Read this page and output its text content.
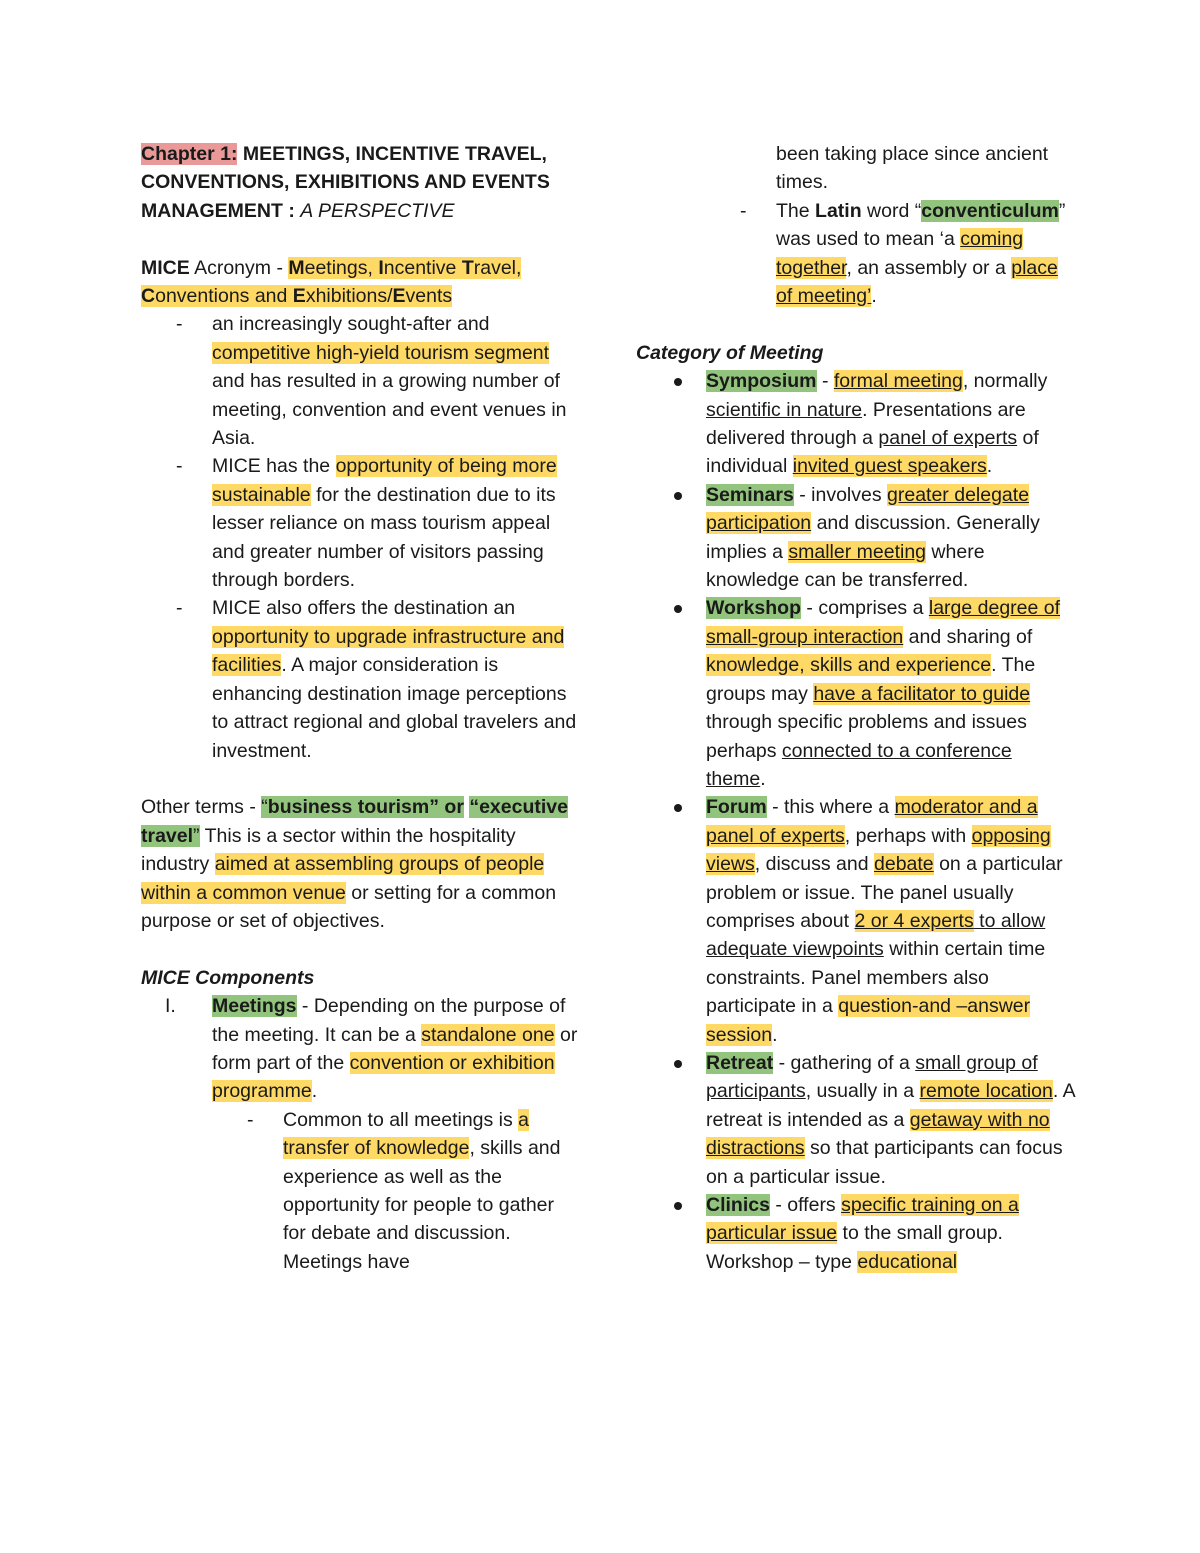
Chapter 1: MEETINGS, INCENTIVE TRAVEL, CONVENTIONS, EXHIBITIONS AND EVENTS MANAGEMENT : A PERSPECTIVE

MICE Acronym - Meetings, Incentive Travel, Conventions and Exhibitions/Events

- an increasingly sought-after and competitive high-yield tourism segment and has resulted in a growing number of meeting, convention and event venues in Asia.

- MICE has the opportunity of being more sustainable for the destination due to its lesser reliance on mass tourism appeal and greater number of visitors passing through borders.

- MICE also offers the destination an opportunity to upgrade infrastructure and facilities. A major consideration is enhancing destination image perceptions to attract regional and global travelers and investment.

Other terms - “business tourism” or “executive travel” This is a sector within the hospitality industry aimed at assembling groups of people within a common venue or setting for a common purpose or set of objectives.

MICE Components

I. Meetings - Depending on the purpose of the meeting. It can be a standalone one or form part of the convention or exhibition programme.

- Common to all meetings is a transfer of knowledge, skills and experience as well as the opportunity for people to gather for debate and discussion. Meetings have

been taking place since ancient times.

- The Latin word “conventiculum” was used to mean ‘a coming together, an assembly or a place of meeting’.

Category of Meeting

Symposium - formal meeting, normally scientific in nature. Presentations are delivered through a panel of experts of individual invited guest speakers.

Seminars - involves greater delegate participation and discussion. Generally implies a smaller meeting where knowledge can be transferred.

Workshop - comprises a large degree of small-group interaction and sharing of knowledge, skills and experience. The groups may have a facilitator to guide through specific problems and issues perhaps connected to a conference theme.

Forum - this where a moderator and a panel of experts, perhaps with opposing views, discuss and debate on a particular problem or issue. The panel usually comprises about 2 or 4 experts to allow adequate viewpoints within certain time constraints. Panel members also participate in a question-and –answer session.

Retreat - gathering of a small group of participants, usually in a remote location. A retreat is intended as a getaway with no distractions so that participants can focus on a particular issue.

Clinics - offers specific training on a particular issue to the small group. Workshop – type educational
